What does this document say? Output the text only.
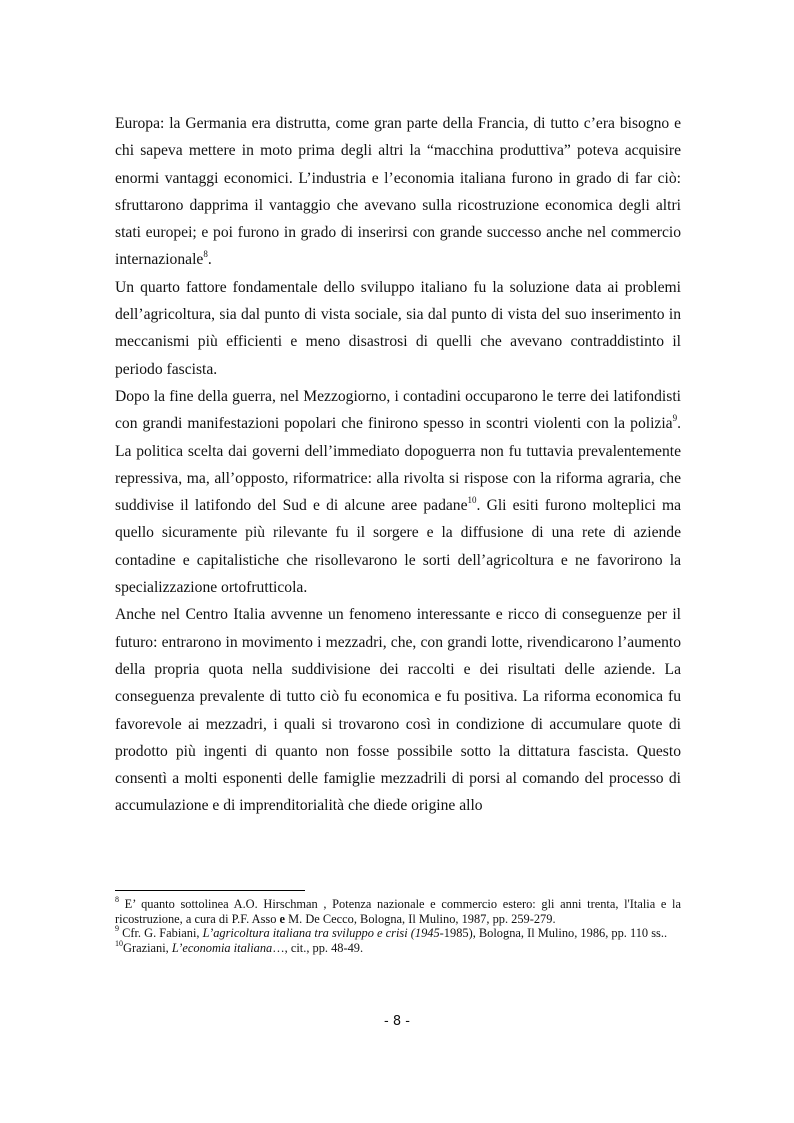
Europa: la Germania era distrutta, come gran parte della Francia, di tutto c’era bisogno e chi sapeva mettere in moto prima degli altri la “macchina produttiva” poteva acquisire enormi vantaggi economici. L’industria e l’economia italiana furono in grado di far ciò: sfruttarono dapprima il vantaggio che avevano sulla ricostruzione economica degli altri stati europei; e poi furono in grado di inserirsi con grande successo anche nel commercio internazionale$^8$.

Un quarto fattore fondamentale dello sviluppo italiano fu la soluzione data ai problemi dell’agricoltura, sia dal punto di vista sociale, sia dal punto di vista del suo inserimento in meccanismi più efficienti e meno disastrosi di quelli che avevano contraddistinto il periodo fascista.

Dopo la fine della guerra, nel Mezzogiorno, i contadini occuparono le terre dei latifondisti con grandi manifestazioni popolari che finirono spesso in scontri violenti con la polizia$^9$. La politica scelta dai governi dell’immediato dopoguerra non fu tuttavia prevalentemente repressiva, ma, all’opposto, riformatrice: alla rivolta si rispose con la riforma agraria, che suddivise il latifondo del Sud e di alcune aree padane$^{10}$. Gli esiti furono molteplici ma quello sicuramente più rilevante fu il sorgere e la diffusione di una rete di aziende contadine e capitalistiche che risollevarono le sorti dell’agricoltura e ne favorirono la specializzazione ortofrutticola.

Anche nel Centro Italia avvenne un fenomeno interessante e ricco di conseguenze per il futuro: entrarono in movimento i mezzadri, che, con grandi lotte, rivendicarono l’aumento della propria quota nella suddivisione dei raccolti e dei risultati delle aziende. La conseguenza prevalente di tutto ciò fu economica e fu positiva. La riforma economica fu favorevole ai mezzadri, i quali si trovarono così in condizione di accumulare quote di prodotto più ingenti di quanto non fosse possibile sotto la dittatura fascista. Questo consentì a molti esponenti delle famiglie mezzadrili di porsi al comando del processo di accumulazione e di imprenditorialità che diede origine allo

$^8$ E’ quanto sottolinea A.O. Hirschman , Potenza nazionale e commercio estero: gli anni trenta, l'Italia e la ricostruzione, a cura di P.F. Asso e M. De Cecco, Bologna, Il Mulino, 1987, pp. 259-279.

$^9$ Cfr. G. Fabiani, L’agricoltura italiana tra sviluppo e crisi (1945-1985), Bologna, Il Mulino, 1986, pp. 110 ss..

$^{10}$Graziani, L’economia italiana…, cit., pp. 48-49.

- 8 -
